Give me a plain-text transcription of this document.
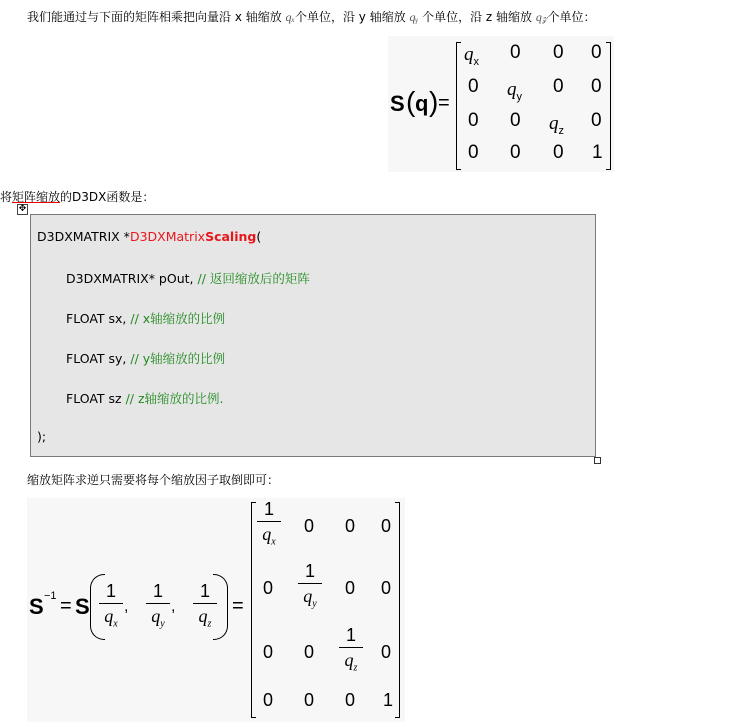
我们能通过与下面的矩阵相乘把向量沿 x 轴缩放 qₓ个单位，沿 y 轴缩放 qᵧ 个单位，沿 z 轴缩放 q𝓏个单位：
S ( q ) =
$q_x$ 0 0 0
0 $q_y$ 0 0
0 0 $q_z$ 0
0 0 0 1
将矩阵缩放的D3DX函数是：
✥
D3DXMATRIX *D3DXMatrixScaling(
D3DXMATRIX* pOut, // 返回缩放后的矩阵
FLOAT sx, // x轴缩放的比例
FLOAT sy, // y轴缩放的比例
FLOAT sz // z轴缩放的比例.
);
缩放矩阵求逆只需要将每个缩放因子取倒即可：
S −1 = S
1
$q_x$
,
1
$q_y$
,
1
$q_z$
=
1
$q_x$
0 0 0
0
1
$q_y$
0 0
0 0
1
$q_z$
0
0 0 0 1
